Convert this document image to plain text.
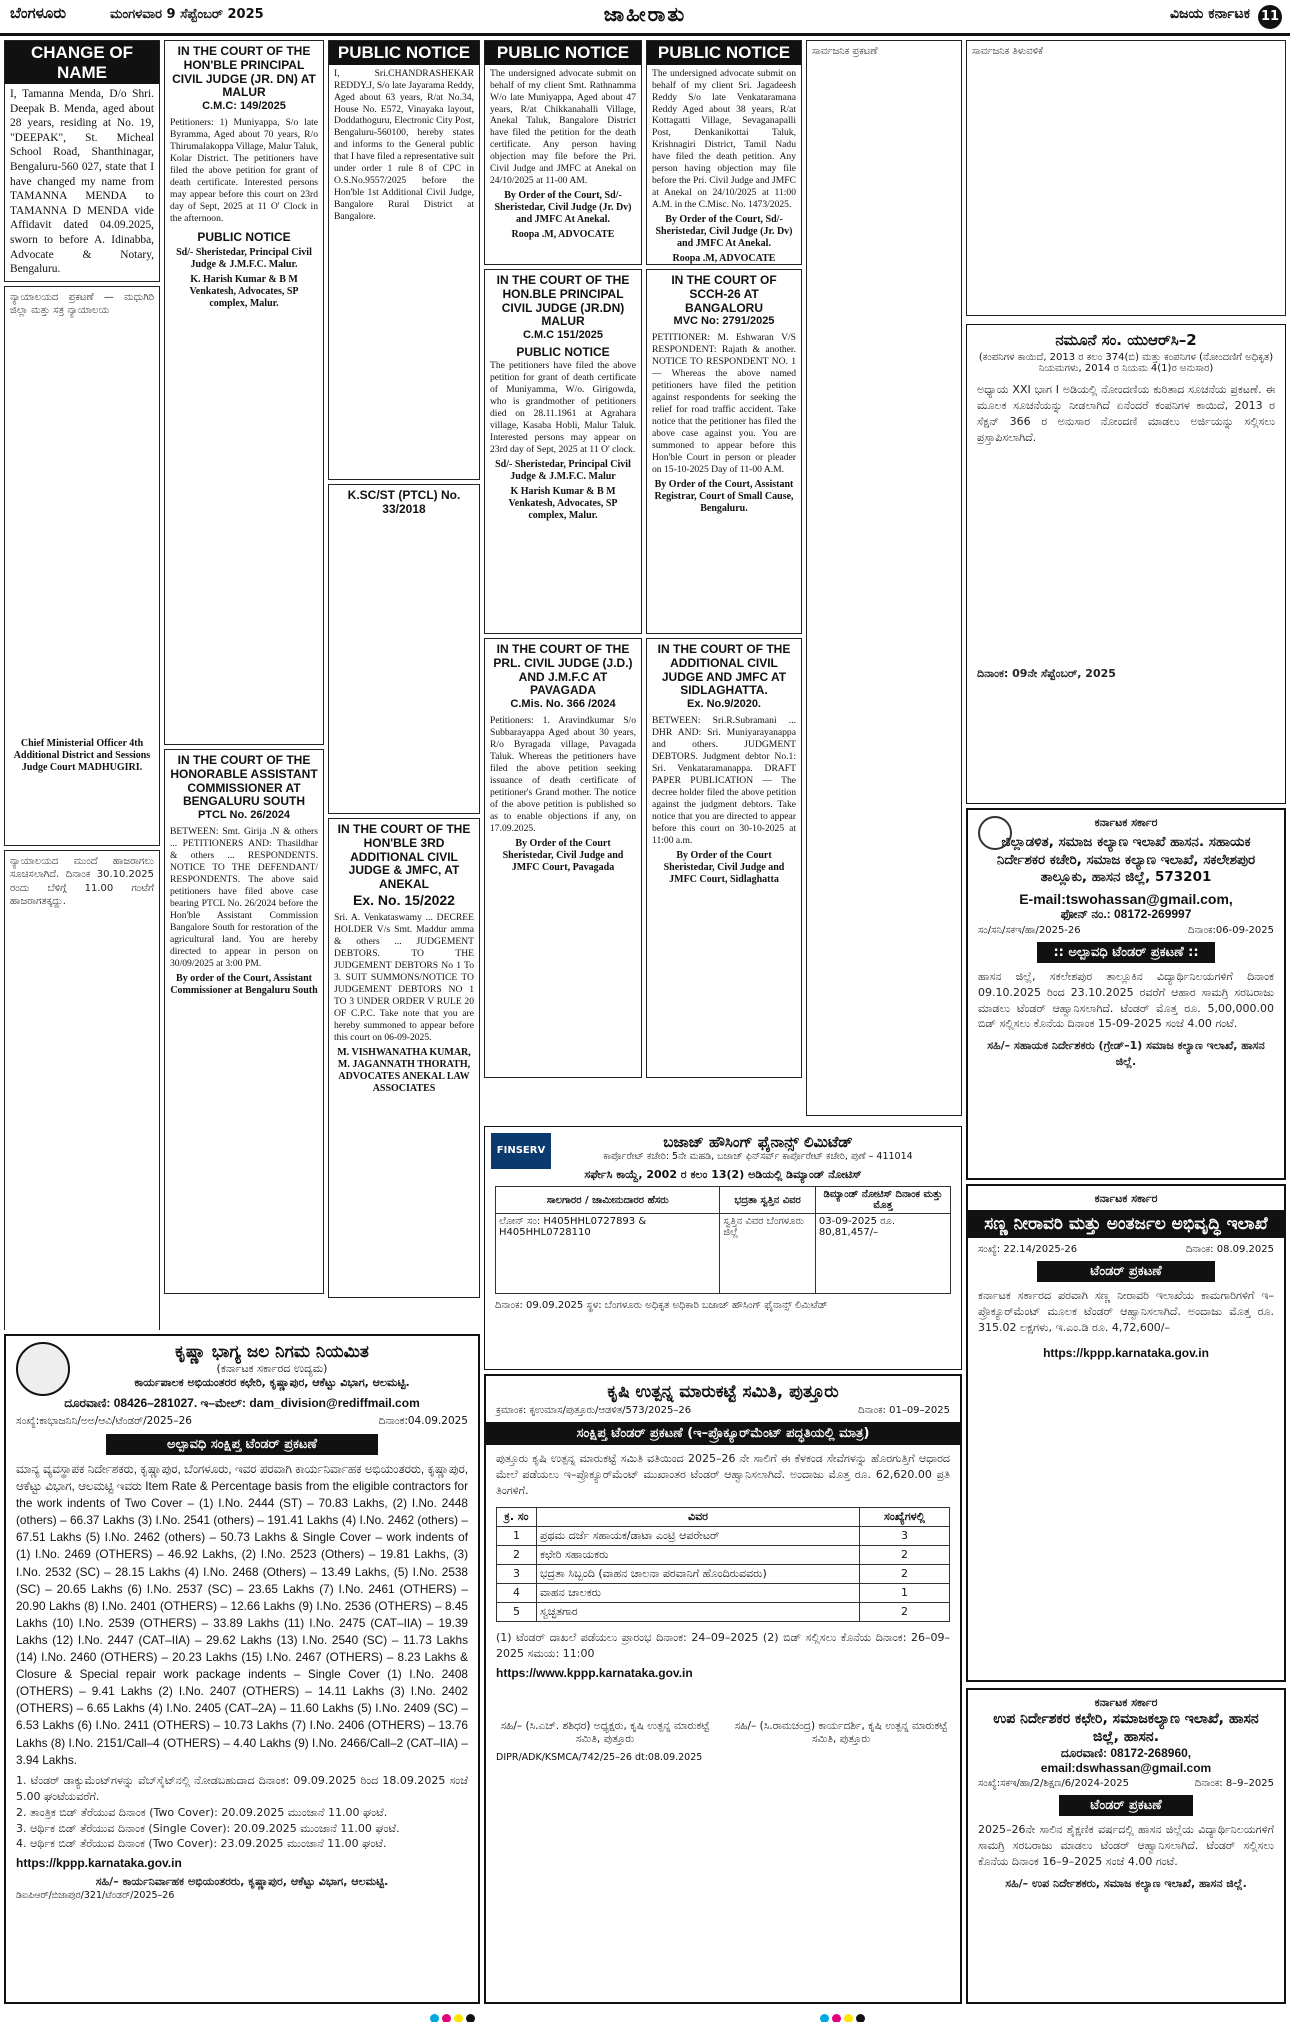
ಬೆಂಗಳೂರು	ಮಂಗಳವಾರ 9 ಸೆಪ್ಟೆಂಬರ್ 2025	ಜಾಹೀರಾತು	ವಿಜಯ ಕರ್ನಾಟಕ 11
CHANGE OF NAME
I, Tamanna Menda, D/o Shri. Deepak B. Menda, aged about 28 years, residing at No. 19, "DEEPAK", St. Micheal School Road, Shanthinagar, Bengaluru-560 027, state that I have changed my name from TAMANNA MENDA to TAMANNA D MENDA vide Affidavit dated 04.09.2025, sworn to before A. Idinabba, Advocate & Notary, Bengaluru.
ನ್ಯಾಯಾಲಯದ ಪ್ರಕಟಣೆ — ಮಧುಗಿರಿ ಜಿಲ್ಲಾ ಮತ್ತು ಸತ್ರ ನ್ಯಾಯಾಲಯ
Chief Ministerial Officer 4th Additional District and Sessions Judge Court MADHUGIRI.
ನ್ಯಾಯಾಲಯದ ಮುಂದೆ ಹಾಜರಾಗಲು ಸೂಚಿಸಲಾಗಿದೆ. ದಿನಾಂಕ 30.10.2025 ರಂದು ಬೆಳಿಗ್ಗೆ 11.00 ಗಂಟೆಗೆ ಹಾಜರಾಗತಕ್ಕದ್ದು.
IN THE COURT OF THE HON'BLE PRINCIPAL CIVIL JUDGE (JR. DN) AT MALUR
C.M.C: 149/2025
Petitioners: 1) Muniyappa, S/o late Byramma, Aged about 70 years, R/o Thirumalakoppa Village, Malur Taluk, Kolar District. The petitioners have filed the above petition for grant of death certificate. Interested persons may appear before this court on 23rd day of Sept, 2025 at 11 O' Clock in the afternoon.
PUBLIC NOTICE
Sd/- Sheristedar, Principal Civil Judge & J.M.F.C. Malur.
K. Harish Kumar & B M Venkatesh, Advocates, SP complex, Malur.
IN THE COURT OF THE HONORABLE ASSISTANT COMMISSIONER AT BENGALURU SOUTH
PTCL No. 26/2024
BETWEEN: Smt. Girija .N & others ... PETITIONERS AND: Thasildhar & others ... RESPONDENTS. NOTICE TO THE DEFENDANT/ RESPONDENTS. The above said petitioners have filed above case bearing PTCL No. 26/2024 before the Hon'ble Assistant Commission Bangalore South for restoration of the agricultural land. You are hereby directed to appear in person on 30/09/2025 at 3:00 PM.
By order of the Court, Assistant Commissioner at Bengaluru South
PUBLIC NOTICE
I, Sri.CHANDRASHEKAR REDDY.J, S/o late Jayarama Reddy, Aged about 63 years, R/at No.34, House No. E572, Vinayaka layout, Doddathoguru, Electronic City Post, Bengaluru-560100, hereby states and informs to the General public that I have filed a representative suit under order 1 rule 8 of CPC in O.S.No.9557/2025 before the Hon'ble 1st Additional Civil Judge, Bangalore Rural District at Bangalore.
K.SC/ST (PTCL) No. 33/2018
IN THE COURT OF THE HON'BLE 3RD ADDITIONAL CIVIL JUDGE & JMFC, AT ANEKAL
Ex. No. 15/2022
Sri. A. Venkataswamy ... DECREE HOLDER V/s Smt. Maddur amma & others ... JUDGEMENT DEBTORS. TO THE JUDGEMENT DEBTORS No 1 To 3. SUIT SUMMONS/NOTICE TO JUDGEMENT DEBTORS NO 1 TO 3 UNDER ORDER V RULE 20 OF C.P.C. Take note that you are hereby summoned to appear before this court on 06-09-2025.
M. VISHWANATHA KUMAR, M. JAGANNATH THORATH, ADVOCATES ANEKAL LAW ASSOCIATES
PUBLIC NOTICE
The undersigned advocate submit on behalf of my client Smt. Rathnamma W/o late Muniyappa, Aged about 47 years, R/at Chikkanahalli Village, Anekal Taluk, Bangalore District have filed the petition for the death certificate. Any person having objection may file before the Pri. Civil Judge and JMFC at Anekal on 24/10/2025 at 11-00 AM.
By Order of the Court, Sd/- Sheristedar, Civil Judge (Jr. Dv) and JMFC At Anekal.
Roopa .M, ADVOCATE
IN THE COURT OF THE HON.BLE PRINCIPAL CIVIL JUDGE (JR.DN) MALUR
C.M.C 151/2025
PUBLIC NOTICE
The petitioners have filed the above petition for grant of death certificate of Muniyamma, W/o. Girigowda, who is grandmother of petitioners died on 28.11.1961 at Agrahara village, Kasaba Hobli, Malur Taluk. Interested persons may appear on 23rd day of Sept, 2025 at 11 O' clock.
Sd/- Sheristedar, Principal Civil Judge & J.M.F.C. Malur
K Harish Kumar & B M Venkatesh, Advocates, SP complex, Malur.
IN THE COURT OF THE PRL. CIVIL JUDGE (J.D.) AND J.M.F.C AT PAVAGADA
C.Mis. No. 366 /2024
Petitioners: 1. Aravindkumar S/o Subbarayappa Aged about 30 years, R/o Byragada village, Pavagada Taluk. Whereas the petitioners have filed the above petition seeking issuance of death certificate of petitioner's Grand mother. The notice of the above petition is published so as to enable objections if any, on 17.09.2025.
By Order of the Court Sheristedar, Civil Judge and JMFC Court, Pavagada
PUBLIC NOTICE
The undersigned advocate submit on behalf of my client Sri. Jagadeesh Reddy S/o late Venkataramana Reddy Aged about 38 years, R/at Kottagatti Village, Sevaganapalli Post, Denkanikottai Taluk, Krishnagiri District, Tamil Nadu have filed the death petition. Any person having objection may file before the Pri. Civil Judge and JMFC at Anekal on 24/10/2025 at 11:00 A.M. in the C.Misc. No. 1473/2025.
By Order of the Court, Sd/- Sheristedar, Civil Judge (Jr. Dv) and JMFC At Anekal.
Roopa .M, ADVOCATE
IN THE COURT OF SCCH-26 AT BANGALORU
MVC No: 2791/2025
PETITIONER: M. Eshwaran V/S RESPONDENT: Rajath & another. NOTICE TO RESPONDENT NO. 1 — Whereas the above named petitioners have filed the petition against respondents for seeking the relief for road traffic accident. Take notice that the petitioner has filed the above case against you. You are summoned to appear before this Hon'ble Court in person or pleader on 15-10-2025 Day of 11-00 A.M.
By Order of the Court, Assistant Registrar, Court of Small Cause, Bengaluru.
IN THE COURT OF THE ADDITIONAL CIVIL JUDGE AND JMFC AT SIDLAGHATTA.
Ex. No.9/2020.
BETWEEN: Sri.R.Subramani ... DHR AND: Sri. Muniyarayanappa and others. JUDGMENT DEBTORS. Judgment debtor No.1: Sri. Venkataramanappa. DRAFT PAPER PUBLICATION — The decree holder filed the above petition against the judgment debtors. Take notice that you are directed to appear before this court on 30-10-2025 at 11:00 a.m.
By Order of the Court Sheristedar, Civil Judge and JMFC Court, Sidlaghatta
ಸಾರ್ವಜನಿಕ ಪ್ರಕಟಣೆ	ಸಾರ್ವಜನಿಕ ತಿಳುವಳಿಕೆ
ನಮೂನೆ ಸಂ. ಯುಆರ್‌ಸಿ–2
(ಕಂಪನಿಗಳ ಕಾಯಿದೆ, 2013 ರ ಕಲಂ 374(ಬಿ) ಮತ್ತು ಕಂಪನಿಗಳ (ನೋಂದಣಿಗೆ ಅಧಿಕೃತ) ನಿಯಮಗಳು, 2014 ರ ನಿಯಮ 4(1)ರ ಅನುಸಾರ)
ಅಧ್ಯಾಯ XXI ಭಾಗ I ಅಡಿಯಲ್ಲಿ ನೋಂದಣಿಯ ಕುರಿತಾದ ಸೂಚನೆಯ ಪ್ರಕಟಣೆ. ಈ ಮೂಲಕ ಸೂಚನೆಯನ್ನು ನೀಡಲಾಗಿದೆ ಏನೆಂದರೆ ಕಂಪನಿಗಳ ಕಾಯಿದೆ, 2013 ರ ಸೆಕ್ಷನ್ 366 ರ ಅನುಸಾರ ನೋಂದಣಿ ಮಾಡಲು ಅರ್ಜಿಯನ್ನು ಸಲ್ಲಿಸಲು ಪ್ರಸ್ತಾಪಿಸಲಾಗಿದೆ.
ದಿನಾಂಕ: 09ನೇ ಸೆಪ್ಟೆಂಬರ್, 2025
ಕರ್ನಾಟಕ ಸರ್ಕಾರ
ಜಿಲ್ಲಾಡಳಿತ, ಸಮಾಜ ಕಲ್ಯಾಣ ಇಲಾಖೆ ಹಾಸನ. ಸಹಾಯಕ ನಿರ್ದೇಶಕರ ಕಚೇರಿ, ಸಮಾಜ ಕಲ್ಯಾಣ ಇಲಾಖೆ, ಸಕಲೇಶಪುರ ತಾಲ್ಲೂಕು, ಹಾಸನ ಜಿಲ್ಲೆ, 573201
E-mail:tswohassan@gmail.com,
ಫೋನ್ ನಂ.: 08172-269997
ಸಂ/ಸನಿ/ಸಕಇ/ಹಾ/2025-26	ದಿನಾಂಕ:06-09-2025
:: ಅಲ್ಪಾವಧಿ ಟೆಂಡರ್ ಪ್ರಕಟಣೆ ::
ಹಾಸನ ಜಿಲ್ಲೆ, ಸಕಲೇಶಪುರ ತಾಲ್ಲೂಕಿನ ವಿದ್ಯಾರ್ಥಿನಿಲಯಗಳಿಗೆ ದಿನಾಂಕ 09.10.2025 ರಿಂದ 23.10.2025 ರವರೆಗೆ ಆಹಾರ ಸಾಮಗ್ರಿ ಸರಬರಾಜು ಮಾಡಲು ಟೆಂಡರ್ ಆಹ್ವಾನಿಸಲಾಗಿದೆ. ಟೆಂಡರ್ ಮೊತ್ತ ರೂ. 5,00,000.00 ಬಿಡ್ ಸಲ್ಲಿಸಲು ಕೊನೆಯ ದಿನಾಂಕ 15-09-2025 ಸಂಜೆ 4.00 ಗಂಟೆ.
ಸಹಿ/– ಸಹಾಯಕ ನಿರ್ದೇಶಕರು (ಗ್ರೇಡ್–1) ಸಮಾಜ ಕಲ್ಯಾಣ ಇಲಾಖೆ, ಹಾಸನ ಜಿಲ್ಲೆ.
ಕರ್ನಾಟಕ ಸರ್ಕಾರ
ಸಣ್ಣ ನೀರಾವರಿ ಮತ್ತು ಅಂತರ್ಜಲ ಅಭಿವೃದ್ಧಿ ಇಲಾಖೆ
ಸಂಖ್ಯೆ: 22.14/2025-26	ದಿನಾಂಕ: 08.09.2025
ಟೆಂಡರ್ ಪ್ರಕಟಣೆ
ಕರ್ನಾಟಕ ಸರ್ಕಾರದ ಪರವಾಗಿ ಸಣ್ಣ ನೀರಾವರಿ ಇಲಾಖೆಯ ಕಾಮಗಾರಿಗಳಿಗೆ ಇ–ಪ್ರೊಕ್ಯೂರ್‌ಮೆಂಟ್ ಮೂಲಕ ಟೆಂಡರ್ ಆಹ್ವಾನಿಸಲಾಗಿದೆ. ಅಂದಾಜು ಮೊತ್ತ ರೂ. 315.02 ಲಕ್ಷಗಳು, ಇ.ಎಂ.ಡಿ ರೂ. 4,72,600/–
https://kppp.karnataka.gov.in
ಕರ್ನಾಟಕ ಸರ್ಕಾರ
ಉಪ ನಿರ್ದೇಶಕರ ಕಛೇರಿ, ಸಮಾಜಕಲ್ಯಾಣ ಇಲಾಖೆ, ಹಾಸನ ಜಿಲ್ಲೆ, ಹಾಸನ.
ದೂರವಾಣಿ: 08172-268960,
email:dswhassan@gmail.com
ಸಂಖ್ಯೆ:ಸಕಇ/ಹಾ/2/ಶಿಕ್ಷಣ/6/2024-2025	ದಿನಾಂಕ: 8–9–2025
ಟೆಂಡರ್ ಪ್ರಕಟಣೆ
2025–26ನೇ ಸಾಲಿನ ಶೈಕ್ಷಣಿಕ ವರ್ಷದಲ್ಲಿ ಹಾಸನ ಜಿಲ್ಲೆಯ ವಿದ್ಯಾರ್ಥಿನಿಲಯಗಳಿಗೆ ಸಾಮಗ್ರಿ ಸರಬರಾಜು ಮಾಡಲು ಟೆಂಡರ್ ಆಹ್ವಾನಿಸಲಾಗಿದೆ. ಟೆಂಡರ್ ಸಲ್ಲಿಸಲು ಕೊನೆಯ ದಿನಾಂಕ 16–9–2025 ಸಂಜೆ 4.00 ಗಂಟೆ.
ಸಹಿ/– ಉಪ ನಿರ್ದೇಶಕರು, ಸಮಾಜ ಕಲ್ಯಾಣ ಇಲಾಖೆ, ಹಾಸನ ಜಿಲ್ಲೆ.
FINSERV	ಬಜಾಜ್ ಹೌಸಿಂಗ್ ಫೈನಾನ್ಸ್ ಲಿಮಿಟೆಡ್
ಕಾರ್ಪೊರೇಟ್ ಕಚೇರಿ: 5ನೇ ಮಹಡಿ, ಬಜಾಜ್ ಫಿನ್‌ಸರ್ವ್ ಕಾರ್ಪೊರೇಟ್ ಕಚೇರಿ, ಪುಣೆ – 411014
ಸರ್ಫೇಸಿ ಕಾಯ್ದೆ, 2002 ರ ಕಲಂ 13(2) ಅಡಿಯಲ್ಲಿ ಡಿಮ್ಯಾಂಡ್ ನೋಟಿಸ್
ಸಾಲಗಾರರ / ಜಾಮೀನುದಾರರ ಹೆಸರು	ಭದ್ರತಾ ಸ್ವತ್ತಿನ ವಿವರ	ಡಿಮ್ಯಾಂಡ್ ನೋಟಿಸ್ ದಿನಾಂಕ ಮತ್ತು ಮೊತ್ತ
ಲೋನ್ ಸಂ: H405HHL0727893 & H405HHL0728110	ಸ್ವತ್ತಿನ ವಿವರ ಬೆಂಗಳೂರು ಜಿಲ್ಲೆ	03-09-2025 ರೂ. 80,81,457/–
ದಿನಾಂಕ: 09.09.2025 ಸ್ಥಳ: ಬೆಂಗಳೂರು ಅಧಿಕೃತ ಅಧಿಕಾರಿ ಬಜಾಜ್ ಹೌಸಿಂಗ್ ಫೈನಾನ್ಸ್ ಲಿಮಿಟೆಡ್
ಕೃಷಿ ಉತ್ಪನ್ನ ಮಾರುಕಟ್ಟೆ ಸಮಿತಿ, ಪುತ್ತೂರು
ಕ್ರಮಾಂಕ: ಕೃಉಮಾಸ/ಪುತ್ತೂರು/ಆಡಳಿತ/573/2025–26	ದಿನಾಂಕ: 01–09–2025
ಸಂಕ್ಷಿಪ್ತ ಟೆಂಡರ್ ಪ್ರಕಟಣೆ (ಇ–ಪ್ರೊಕ್ಯೂರ್‌ಮೆಂಟ್ ಪದ್ಧತಿಯಲ್ಲಿ ಮಾತ್ರ)
ಪುತ್ತೂರು ಕೃಷಿ ಉತ್ಪನ್ನ ಮಾರುಕಟ್ಟೆ ಸಮಿತಿ ವತಿಯಿಂದ 2025–26 ನೇ ಸಾಲಿಗೆ ಈ ಕೆಳಕಂಡ ಸೇವೆಗಳನ್ನು ಹೊರಗುತ್ತಿಗೆ ಆಧಾರದ ಮೇಲೆ ಪಡೆಯಲು ಇ–ಪ್ರೊಕ್ಯೂರ್‌ಮೆಂಟ್ ಮುಖಾಂತರ ಟೆಂಡರ್ ಆಹ್ವಾನಿಸಲಾಗಿದೆ. ಅಂದಾಜು ಮೊತ್ತ ರೂ. 62,620.00 ಪ್ರತಿ ತಿಂಗಳಿಗೆ.
ಕ್ರ. ಸಂ	ವಿವರ	ಸಂಖ್ಯೆಗಳಲ್ಲಿ
1	ಪ್ರಥಮ ದರ್ಜೆ ಸಹಾಯಕ/ಡಾಟಾ ಎಂಟ್ರಿ ಆಪರೇಟರ್	3
2	ಕಛೇರಿ ಸಹಾಯಕರು	2
3	ಭದ್ರತಾ ಸಿಬ್ಬಂದಿ (ವಾಹನ ಚಾಲನಾ ಪರವಾನಿಗೆ ಹೊಂದಿರುವವರು)	2
4	ವಾಹನ ಚಾಲಕರು	1
5	ಸ್ವಚ್ಛತಗಾರ	2
(1) ಟೆಂಡರ್ ದಾಖಲೆ ಪಡೆಯಲು ಪ್ರಾರಂಭ ದಿನಾಂಕ: 24–09–2025 (2) ಬಿಡ್ ಸಲ್ಲಿಸಲು ಕೊನೆಯ ದಿನಾಂಕ: 26–09–2025 ಸಮಯ: 11:00
https://www.kppp.karnataka.gov.in
ಸಹಿ/– (ಸಿ.ಎಚ್. ಶಶಿಧರ) ಅಧ್ಯಕ್ಷರು, ಕೃಷಿ ಉತ್ಪನ್ನ ಮಾರುಕಟ್ಟೆ ಸಮಿತಿ, ಪುತ್ತೂರು
ಸಹಿ/– (ಸಿ.ರಾಮಚಂದ್ರ) ಕಾರ್ಯದರ್ಶಿ, ಕೃಷಿ ಉತ್ಪನ್ನ ಮಾರುಕಟ್ಟೆ ಸಮಿತಿ, ಪುತ್ತೂರು
DIPR/ADK/KSMCA/742/25–26 dt:08.09.2025
ಕೃಷ್ಣಾ ಭಾಗ್ಯ ಜಲ ನಿಗಮ ನಿಯಮಿತ
(ಕರ್ನಾಟಕ ಸರ್ಕಾರದ ಉದ್ಯಮ)
ಕಾರ್ಯಪಾಲಕ ಅಭಿಯಂತರರ ಕಛೇರಿ, ಕೃಷ್ಣಾಪುರ, ಆಕೆಟ್ಟು ವಿಭಾಗ, ಆಲಮಟ್ಟಿ.
ದೂರವಾಣಿ: 08426–281027. ಇ–ಮೇಲ್: dam_division@rediffmail.com
ಸಂಖ್ಯೆ:ಕಾಭಾಜನಿನಿ/ಅಅ/ಆವಿ/ಟೆಂಡರ್/2025–26	ದಿನಾಂಕ:04.09.2025
ಅಲ್ಪಾವಧಿ ಸಂಕ್ಷಿಪ್ತ ಟೆಂಡರ್ ಪ್ರಕಟಣೆ
ಮಾನ್ಯ ವ್ಯವಸ್ಥಾಪಕ ನಿರ್ದೇಶಕರು, ಕೃಷ್ಣಾಪುರ, ಬೆಂಗಳೂರು, ಇವರ ಪರವಾಗಿ ಕಾರ್ಯನಿರ್ವಾಹಕ ಅಭಿಯಂತರರು, ಕೃಷ್ಣಾಪುರ, ಆಕೆಟ್ಟು ವಿಭಾಗ, ಆಲಮಟ್ಟಿ ಇವರು Item Rate & Percentage basis from the eligible contractors for the work indents of Two Cover – (1) I.No. 2444 (ST) – 70.83 Lakhs, (2) I.No. 2448 (others) – 66.37 Lakhs (3) I.No. 2541 (others) – 191.41 Lakhs (4) I.No. 2462 (others) – 67.51 Lakhs (5) I.No. 2462 (others) – 50.73 Lakhs & Single Cover – work indents of (1) I.No. 2469 (OTHERS) – 46.92 Lakhs, (2) I.No. 2523 (Others) – 19.81 Lakhs, (3) I.No. 2532 (SC) – 28.15 Lakhs (4) I.No. 2468 (Others) – 13.49 Lakhs, (5) I.No. 2538 (SC) – 20.65 Lakhs (6) I.No. 2537 (SC) – 23.65 Lakhs (7) I.No. 2461 (OTHERS) – 20.90 Lakhs (8) I.No. 2401 (OTHERS) – 12.66 Lakhs (9) I.No. 2536 (OTHERS) – 8.45 Lakhs (10) I.No. 2539 (OTHERS) – 33.89 Lakhs (11) I.No. 2475 (CAT–IIA) – 19.39 Lakhs (12) I.No. 2447 (CAT–IIA) – 29.62 Lakhs (13) I.No. 2540 (SC) – 11.73 Lakhs (14) I.No. 2460 (OTHERS) – 20.23 Lakhs (15) I.No. 2467 (OTHERS) – 8.23 Lakhs & Closure & Special repair work package indents – Single Cover (1) I.No. 2408 (OTHERS) – 9.41 Lakhs (2) I.No. 2407 (OTHERS) – 14.11 Lakhs (3) I.No. 2402 (OTHERS) – 6.65 Lakhs (4) I.No. 2405 (CAT–2A) – 11.60 Lakhs (5) I.No. 2409 (SC) – 6.53 Lakhs (6) I.No. 2411 (OTHERS) – 10.73 Lakhs (7) I.No. 2406 (OTHERS) – 13.76 Lakhs (8) I.No. 2151/Call–4 (OTHERS) – 4.40 Lakhs (9) I.No. 2466/Call–2 (CAT–IIA) – 3.94 Lakhs.
1. ಟೆಂಡರ್ ಡಾಕ್ಯುಮೆಂಟ್‌ಗಳನ್ನು ವೆಬ್‌ಸೈಟ್‌ನಲ್ಲಿ ನೋಡಬಹುದಾದ ದಿನಾಂಕ: 09.09.2025 ರಿಂದ 18.09.2025 ಸಂಜೆ 5.00 ಘಂಟೆಯವರೆಗೆ.
2. ತಾಂತ್ರಿಕ ಬಿಡ್ ತೆರೆಯುವ ದಿನಾಂಕ (Two Cover): 20.09.2025 ಮುಂಜಾನೆ 11.00 ಘಂಟೆ.
3. ಆರ್ಥಿಕ ಬಿಡ್ ತೆರೆಯುವ ದಿನಾಂಕ (Single Cover): 20.09.2025 ಮುಂಜಾನೆ 11.00 ಘಂಟೆ.
4. ಆರ್ಥಿಕ ಬಿಡ್ ತೆರೆಯುವ ದಿನಾಂಕ (Two Cover): 23.09.2025 ಮುಂಜಾನೆ 11.00 ಘಂಟೆ.
https://kppp.karnataka.gov.in
ಸಹಿ/– ಕಾರ್ಯನಿರ್ವಾಹಕ ಅಭಿಯಂತರರು, ಕೃಷ್ಣಾಪುರ, ಆಕೆಟ್ಟು ವಿಭಾಗ, ಆಲಮಟ್ಟಿ.
ಡಿಐಪಿಆರ್/ಬಿಜಾಪುರ/321/ಟೆಂಡರ್/2025–26
